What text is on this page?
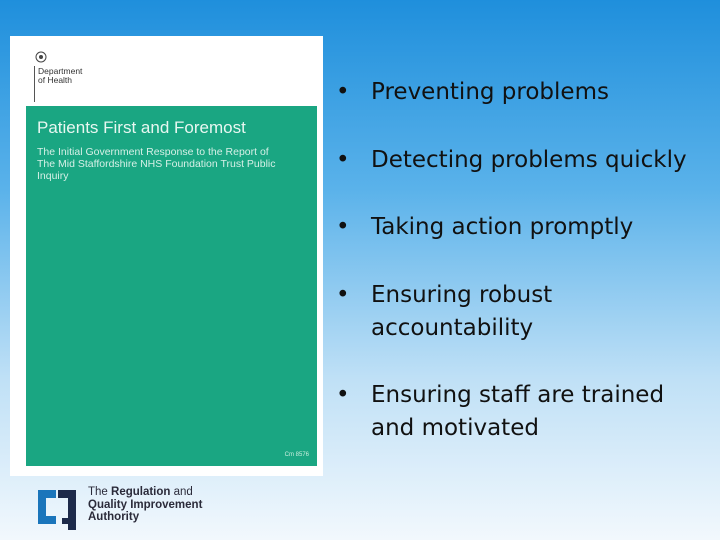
Department
of Health
Patients First and Foremost
The Initial Government Response to the Report of
The Mid Staffordshire NHS Foundation Trust Public Inquiry
Cm 8576
• Preventing problems
• Detecting problems quickly
• Taking action promptly
• Ensuring robust
accountability
• Ensuring staff are trained
and motivated
The Regulation and
Quality Improvement
Authority
